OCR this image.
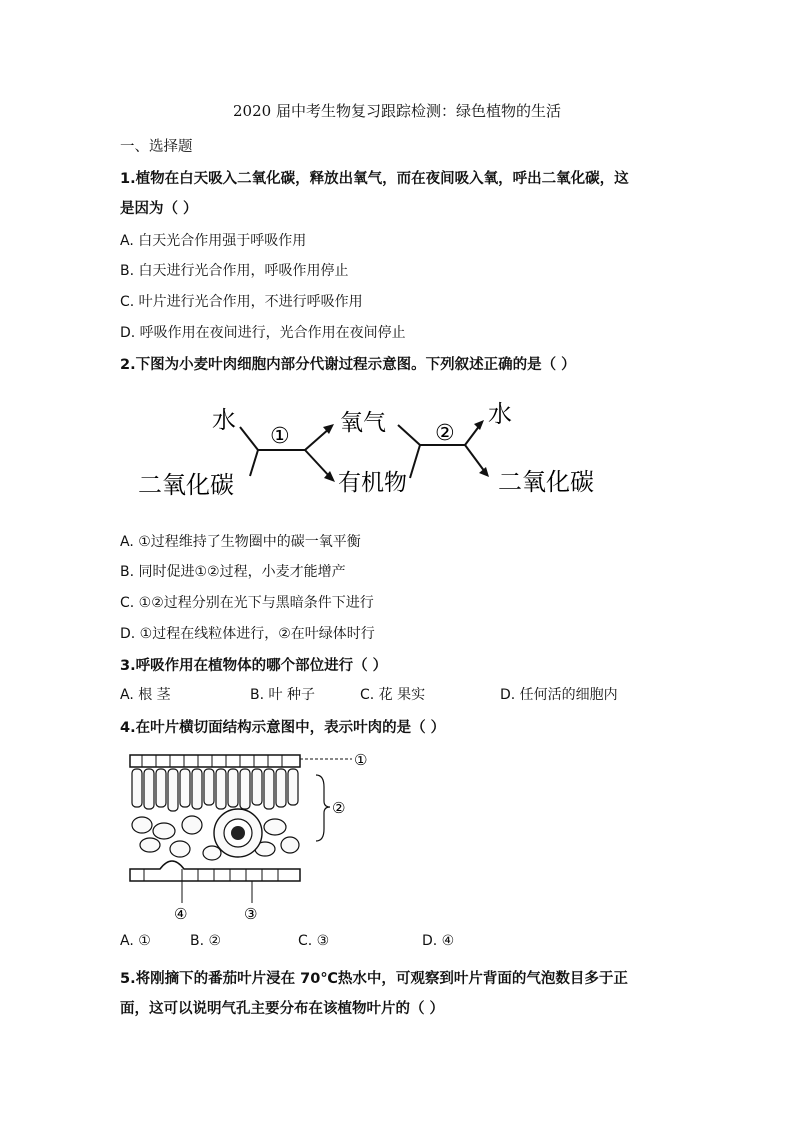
2020 届中考生物复习跟踪检测：绿色植物的生活
一、选择题
1.植物在白天吸入二氧化碳，释放出氧气，而在夜间吸入氧，呼出二氧化碳，这
是因为（ ）
A. 白天光合作用强于呼吸作用
B. 白天进行光合作用，呼吸作用停止
C. 叶片进行光合作用，不进行呼吸作用
D. 呼吸作用在夜间进行，光合作用在夜间停止
2.下图为小麦叶肉细胞内部分代谢过程示意图。下列叙述正确的是（ ）
水
二氧化碳
①
氧气
有机物
②
水
二氧化碳
A. ①过程维持了生物圈中的碳一氧平衡
B. 同时促进①②过程，小麦才能增产
C. ①②过程分别在光下与黑暗条件下进行
D. ①过程在线粒体进行，②在叶绿体时行
3.呼吸作用在植物体的哪个部位进行（ ）
A. 根 茎	B. 叶 种子	C. 花 果实	D. 任何活的细胞内
4.在叶片横切面结构示意图中，表示叶肉的是（ ）
①
②
③
④
A. ①	B. ②	C. ③	D. ④
5.将刚摘下的番茄叶片浸在 70℃热水中，可观察到叶片背面的气泡数目多于正
面，这可以说明气孔主要分布在该植物叶片的（ ）
